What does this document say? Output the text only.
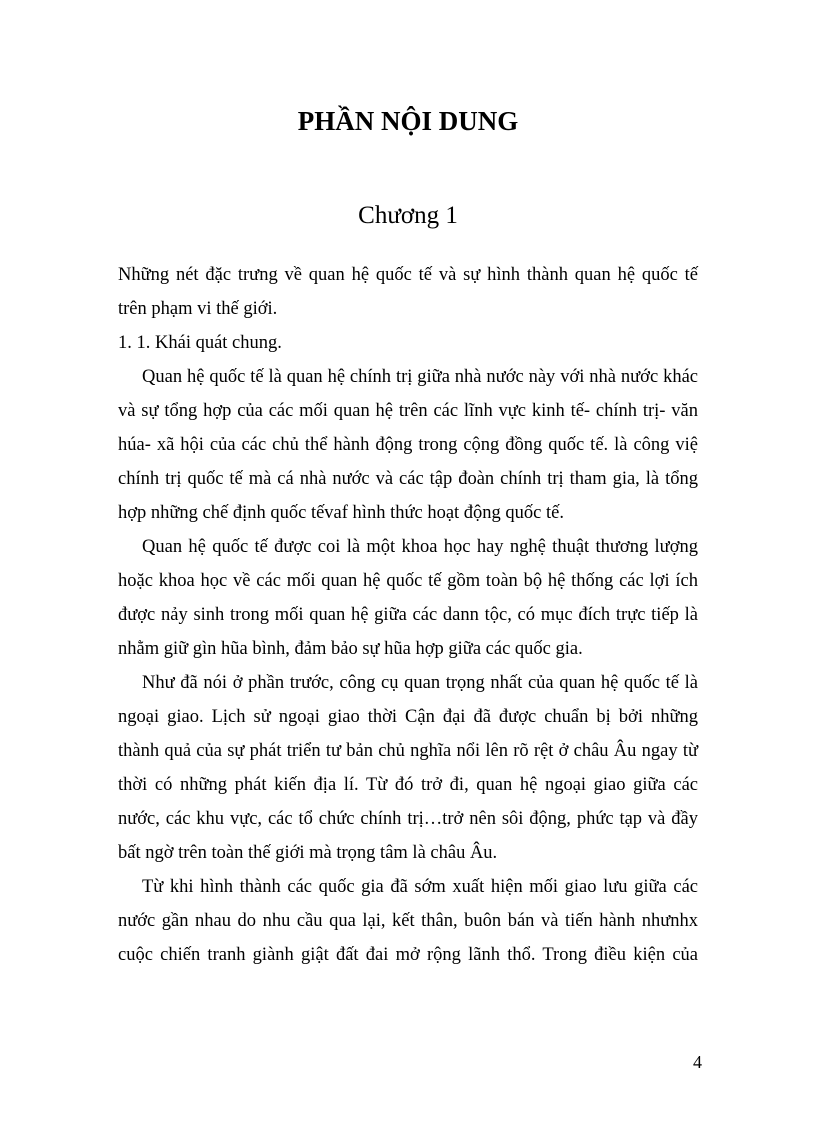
PHẦN NỘI DUNG
Chương 1
Những nét đặc trưng về quan hệ quốc tế và sự hình thành quan hệ quốc tế
trên phạm vi thế giới.
1. 1. Khái quát chung.
Quan hệ quốc tế là quan hệ chính trị giữa nhà nước này với nhà nước khác
và sự tổng hợp của các mối quan hệ trên các lĩnh vực kinh tế- chính trị- văn
húa- xã hội của các chủ thể hành động trong cộng đồng quốc tế. là công việ
chính trị quốc tế mà cá nhà nước và các tập đoàn chính trị tham gia, là tổng
hợp những chế định quốc tếvaf hình thức hoạt động quốc tế.
Quan hệ quốc tế được coi là một khoa học hay nghệ thuật thương lượng
hoặc khoa học về các mối quan hệ quốc tế gồm toàn bộ hệ thống các lợi ích
được nảy sinh trong mối quan hệ giữa các dann tộc, có mục đích trực tiếp là
nhằm giữ gìn hũa bình, đảm bảo sự hũa hợp giữa các quốc gia.
Như đã nói ở phần trước, công cụ quan trọng nhất của quan hệ quốc tế là
ngoại giao. Lịch sử ngoại giao thời Cận đại đã được chuẩn bị bởi những
thành quả của sự phát triển tư bản chủ nghĩa nổi lên rõ rệt ở châu Âu ngay từ
thời có những phát kiến địa lí. Từ đó trở đi, quan hệ ngoại giao giữa các
nước, các khu vực, các tổ chức chính trị…trở nên sôi động, phức tạp và đầy
bất ngờ trên toàn thế giới mà trọng tâm là châu Âu.
Từ khi hình thành các quốc gia đã sớm xuất hiện mối giao lưu giữa các
nước gần nhau do nhu cầu qua lại, kết thân, buôn bán và tiến hành nhưnhx
cuộc chiến tranh giành giật đất đai mở rộng lãnh thổ. Trong điều kiện của
4
